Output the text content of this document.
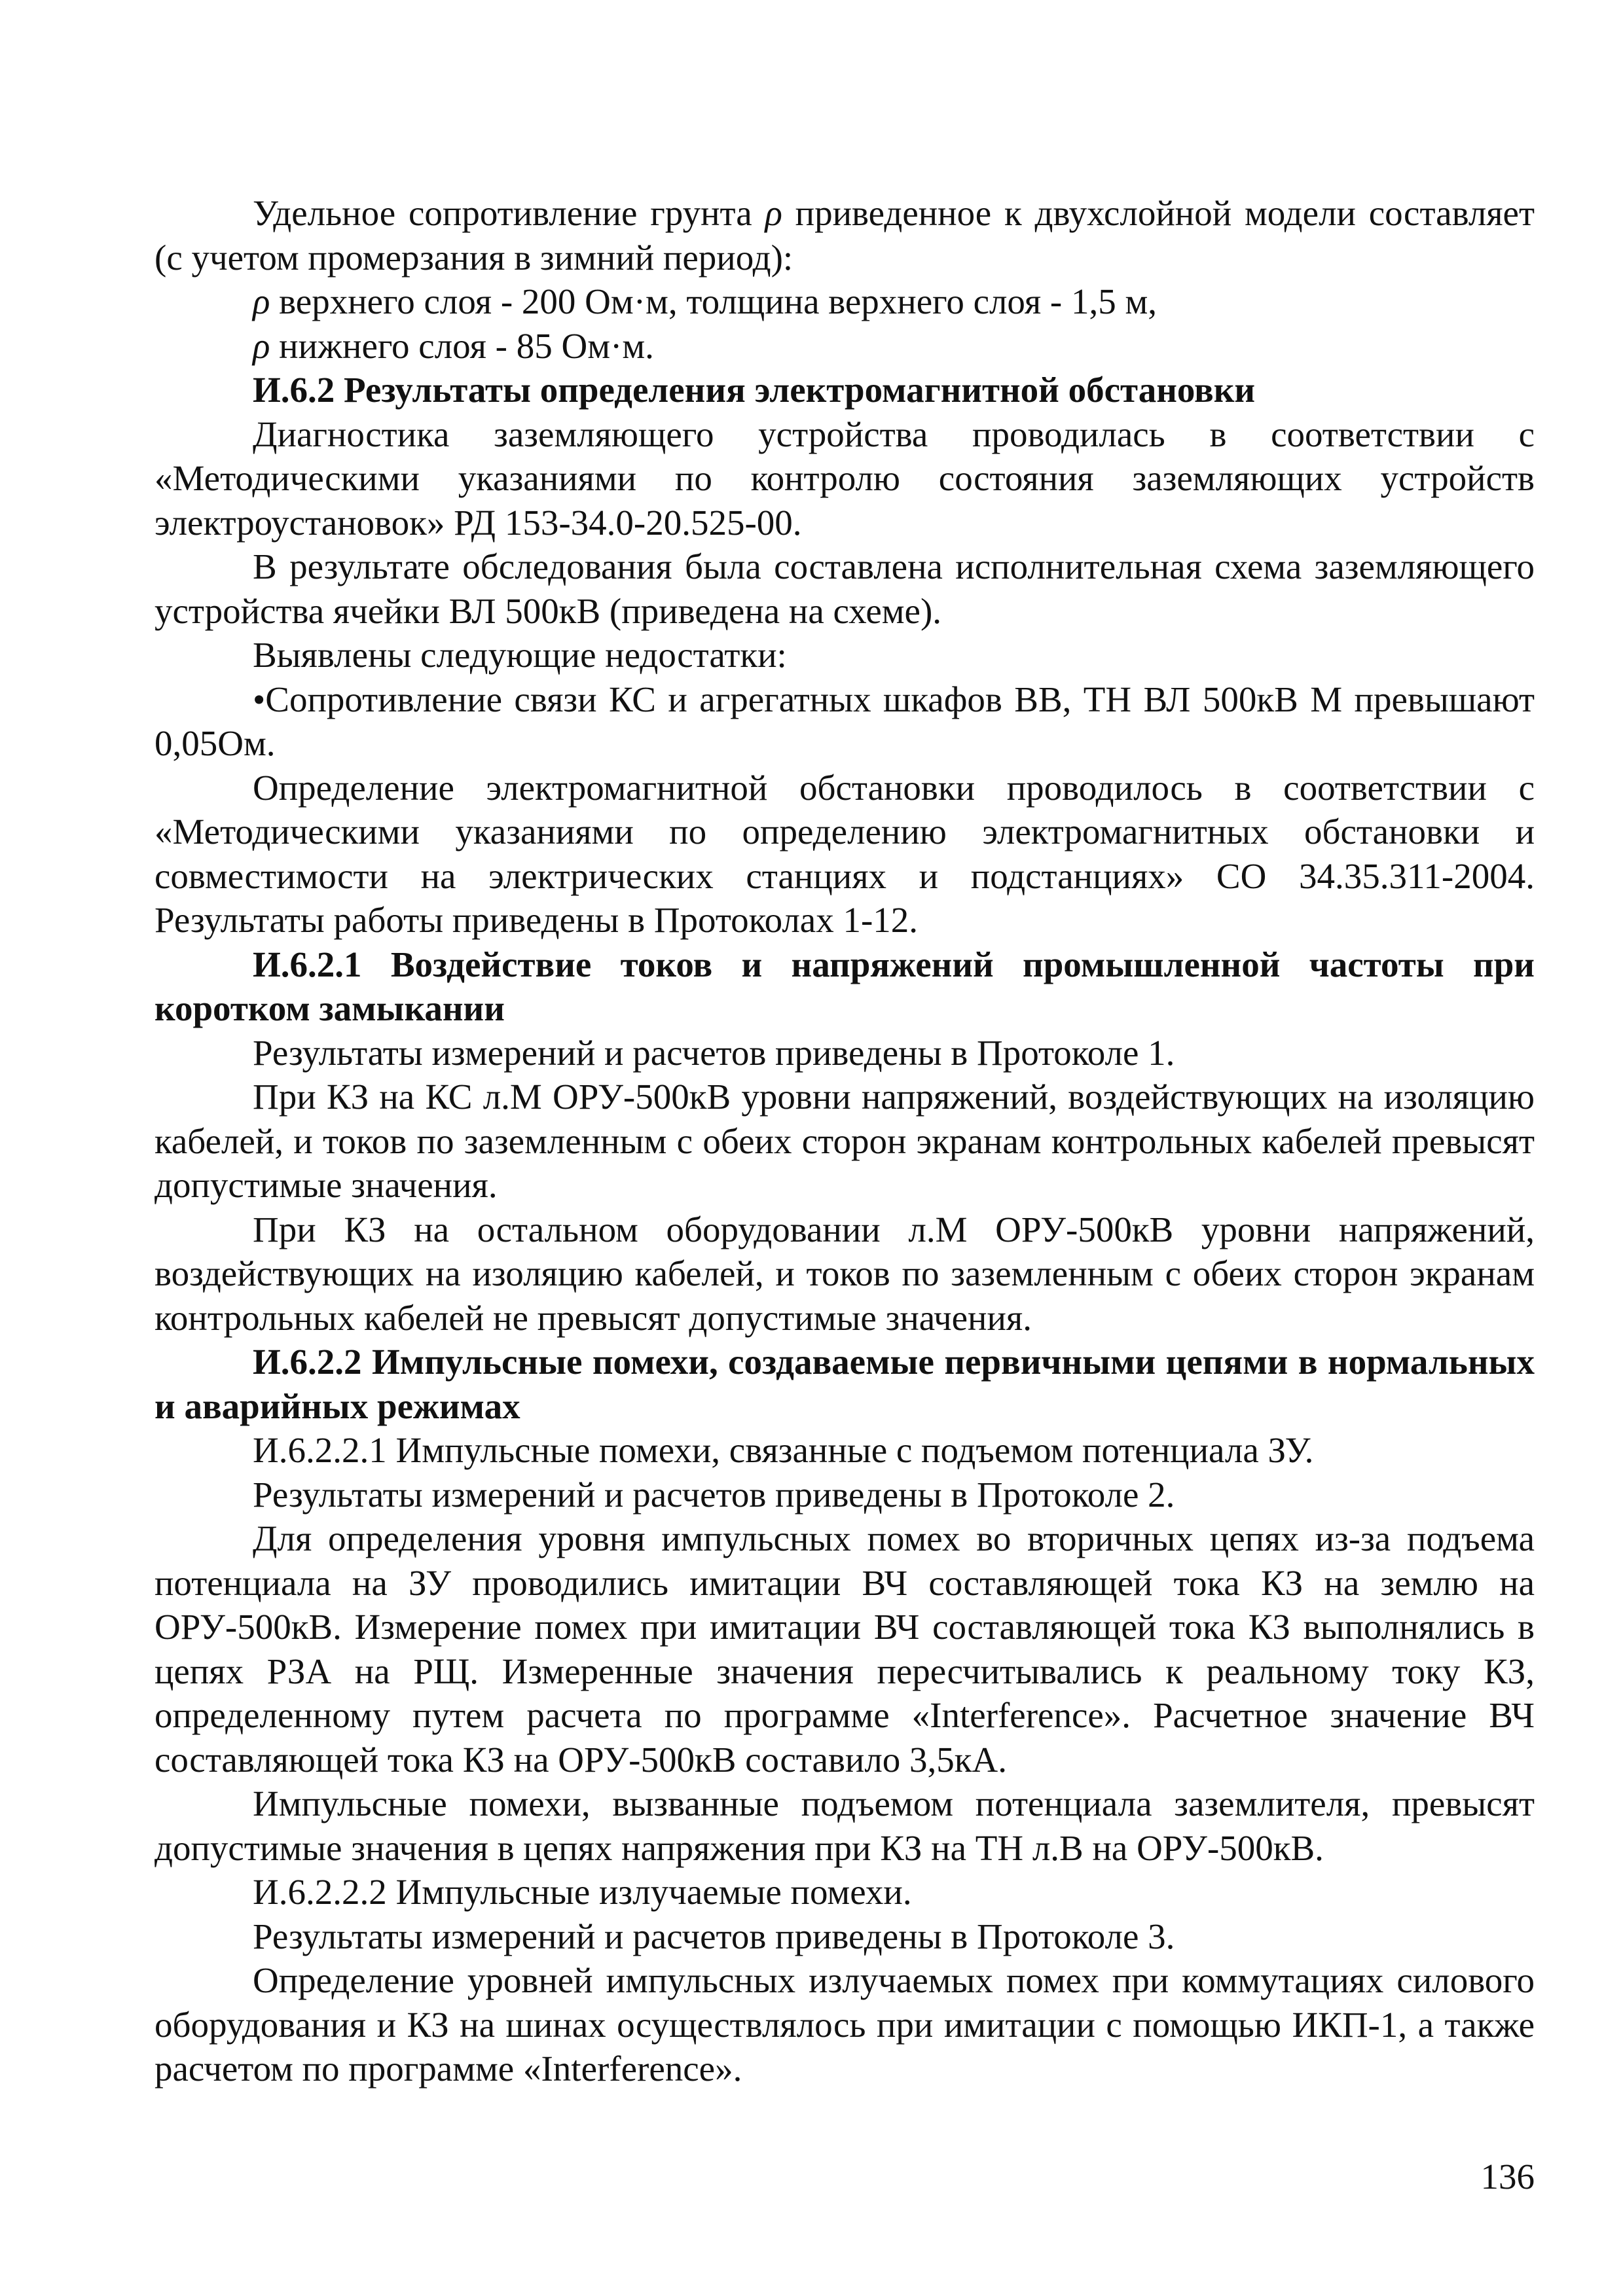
Удельное сопротивление грунта ρ приведенное к двухслойной модели составляет (с учетом промерзания в зимний период):

ρ верхнего слоя - 200 Ом·м, толщина верхнего слоя - 1,5 м,

ρ нижнего слоя - 85 Ом·м.

И.6.2 Результаты определения электромагнитной обстановки

Диагностика заземляющего устройства проводилась в соответствии с «Методическими указаниями по контролю состояния заземляющих устройств электроустановок» РД 153-34.0-20.525-00.

В результате обследования была составлена исполнительная схема заземляющего устройства ячейки ВЛ 500кВ (приведена на схеме).

Выявлены следующие недостатки:

•Сопротивление связи КС и агрегатных шкафов ВВ, ТН ВЛ 500кВ М превышают 0,05Ом.

Определение электромагнитной обстановки проводилось в соответствии с «Методическими указаниями по определению электромагнитных обстановки и совместимости на электрических станциях и подстанциях» СО 34.35.311-2004. Результаты работы приведены в Протоколах 1-12.

И.6.2.1 Воздействие токов и напряжений промышленной частоты при коротком замыкании

Результаты измерений и расчетов приведены в Протоколе 1.

При КЗ на КС л.М ОРУ-500кВ уровни напряжений, воздействующих на изоляцию кабелей, и токов по заземленным с обеих сторон экранам контрольных кабелей превысят допустимые значения.

При КЗ на остальном оборудовании л.М ОРУ-500кВ уровни напряжений, воздействующих на изоляцию кабелей, и токов по заземленным с обеих сторон экранам контрольных кабелей не превысят допустимые значения.

И.6.2.2 Импульсные помехи, создаваемые первичными цепями в нормальных и аварийных режимах

И.6.2.2.1 Импульсные помехи, связанные с подъемом потенциала ЗУ.

Результаты измерений и расчетов приведены в Протоколе 2.

Для определения уровня импульсных помех во вторичных цепях из-за подъема потенциала на ЗУ проводились имитации ВЧ составляющей тока КЗ на землю на ОРУ-500кВ. Измерение помех при имитации ВЧ составляющей тока КЗ выполнялись в цепях РЗА на РЩ. Измеренные значения пересчитывались к реальному току КЗ, определенному путем расчета по программе «Interference». Расчетное значение ВЧ составляющей тока КЗ на ОРУ-500кВ составило 3,5кА.

Импульсные помехи, вызванные подъемом потенциала заземлителя, превысят допустимые значения в цепях напряжения при КЗ на ТН л.В на ОРУ-500кВ.

И.6.2.2.2 Импульсные излучаемые помехи.

Результаты измерений и расчетов приведены в Протоколе 3.

Определение уровней импульсных излучаемых помех при коммутациях силового оборудования и КЗ на шинах осуществлялось при имитации с помощью ИКП-1, а также расчетом по программе «Interference».

136
